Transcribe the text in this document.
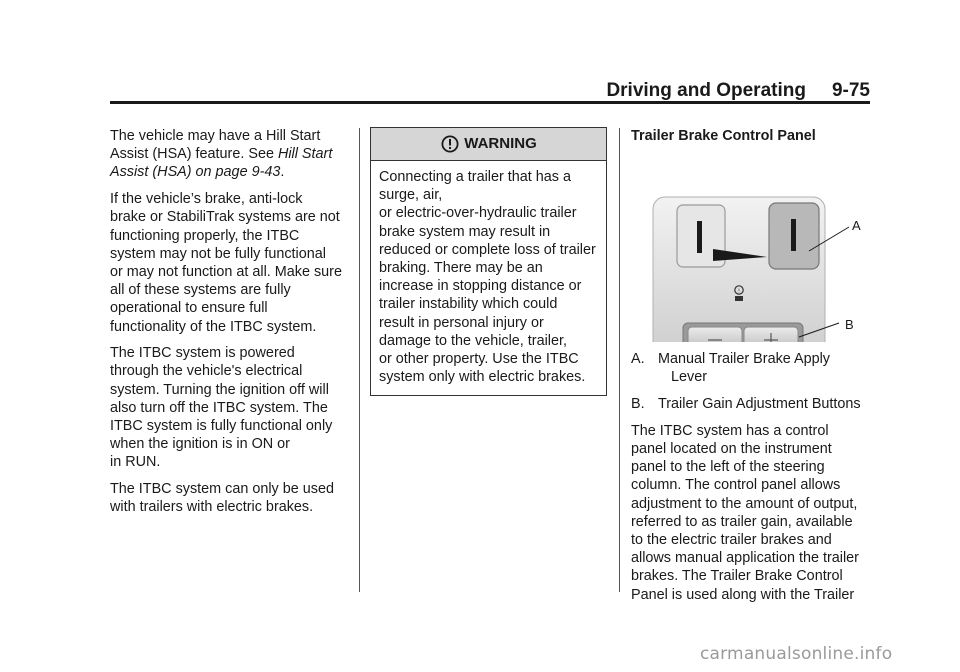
Driving and Operating 9-75

The vehicle may have a Hill Start Assist (HSA) feature. See Hill Start Assist (HSA) on page 9-43.

If the vehicle’s brake, anti-lock
brake or StabiliTrak systems are not
functioning properly, the ITBC
system may not be fully functional
or may not function at all. Make sure
all of these systems are fully
operational to ensure full
functionality of the ITBC system.

The ITBC system is powered
through the vehicle's electrical
system. Turning the ignition off will
also turn off the ITBC system. The
ITBC system is fully functional only
when the ignition is in ON or
in RUN.

The ITBC system can only be used
with trailers with electric brakes.

WARNING
Connecting a trailer that has a
surge, air,
or electric-over-hydraulic trailer
brake system may result in
reduced or complete loss of trailer
braking. There may be an
increase in stopping distance or
trailer instability which could
result in personal injury or
damage to the vehicle, trailer,
or other property. Use the ITBC
system only with electric brakes.

Trailer Brake Control Panel

!
A
B
A. Manual Trailer Brake Apply
Lever
B. Trailer Gain Adjustment Buttons

The ITBC system has a control
panel located on the instrument
panel to the left of the steering
column. The control panel allows
adjustment to the amount of output,
referred to as trailer gain, available
to the electric trailer brakes and
allows manual application the trailer
brakes. The Trailer Brake Control
Panel is used along with the Trailer

carmanualsonline.info
